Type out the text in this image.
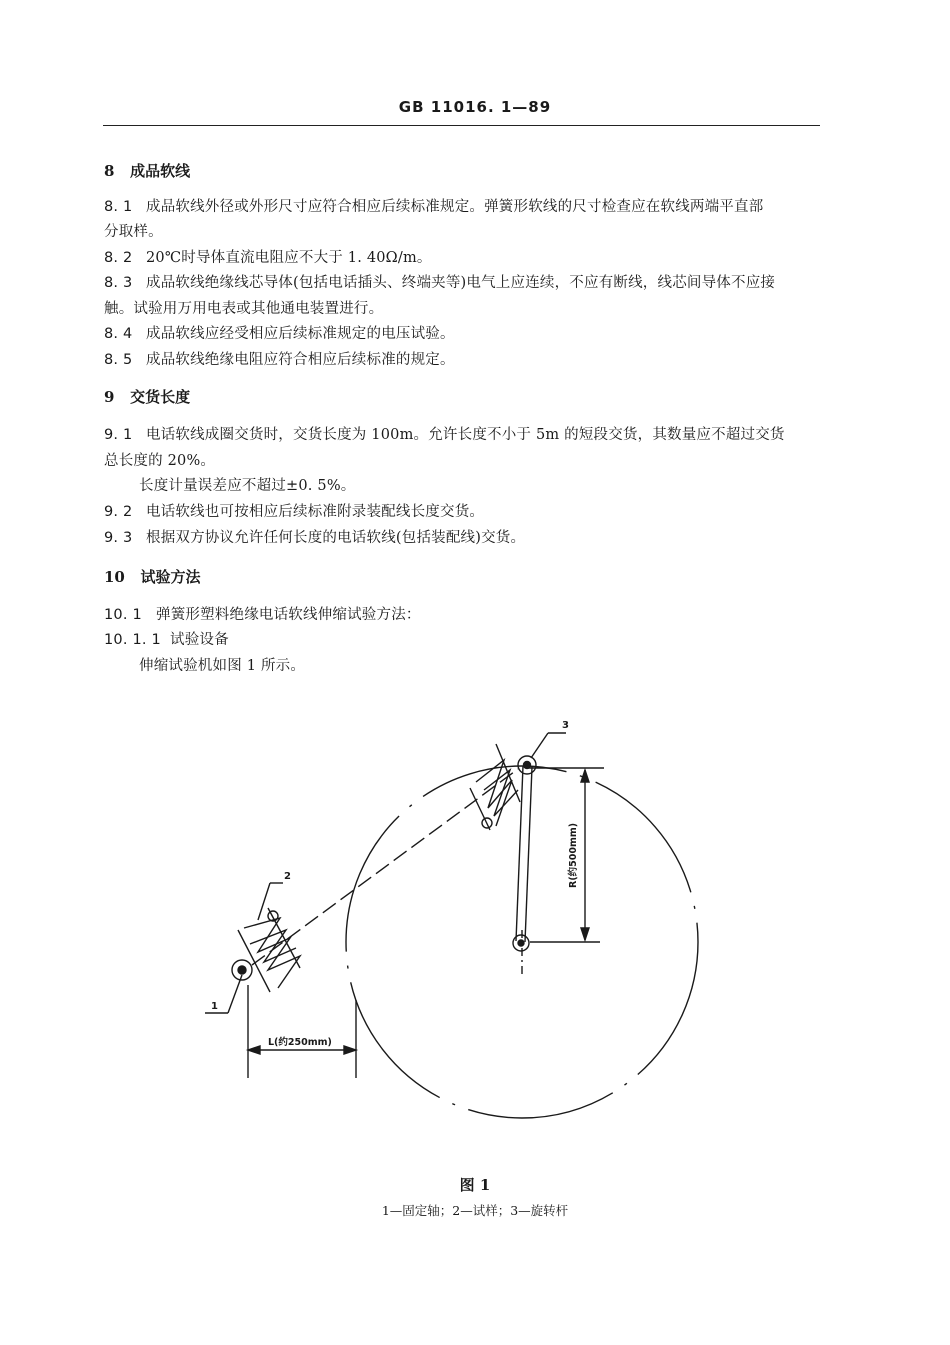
GB 11016. 1—89
8 成品软线
8. 1 成品软线外径或外形尺寸应符合相应后续标准规定。弹簧形软线的尺寸检查应在软线两端平直部
分取样。
8. 2 20℃时导体直流电阻应不大于 1. 40Ω/m。
8. 3 成品软线绝缘线芯导体(包括电话插头、终端夹等)电气上应连续，不应有断线，线芯间导体不应接
触。试验用万用电表或其他通电装置进行。
8. 4 成品软线应经受相应后续标准规定的电压试验。
8. 5 成品软线绝缘电阻应符合相应后续标准的规定。
9 交货长度
9. 1 电话软线成圈交货时，交货长度为 100m。允许长度不小于 5m 的短段交货，其数量应不超过交货
总长度的 20%。
长度计量误差应不超过±0. 5%。
9. 2 电话软线也可按相应后续标准附录装配线长度交货。
9. 3 根据双方协议允许任何长度的电话软线(包括装配线)交货。
10 试验方法
10. 1 弹簧形塑料绝缘电话软线伸缩试验方法：
10. 1. 1 试验设备
伸缩试验机如图 1 所示。
1
2
3
L(约250mm)
R(约500mm)
图 1
1—固定轴；2—试样；3—旋转杆
